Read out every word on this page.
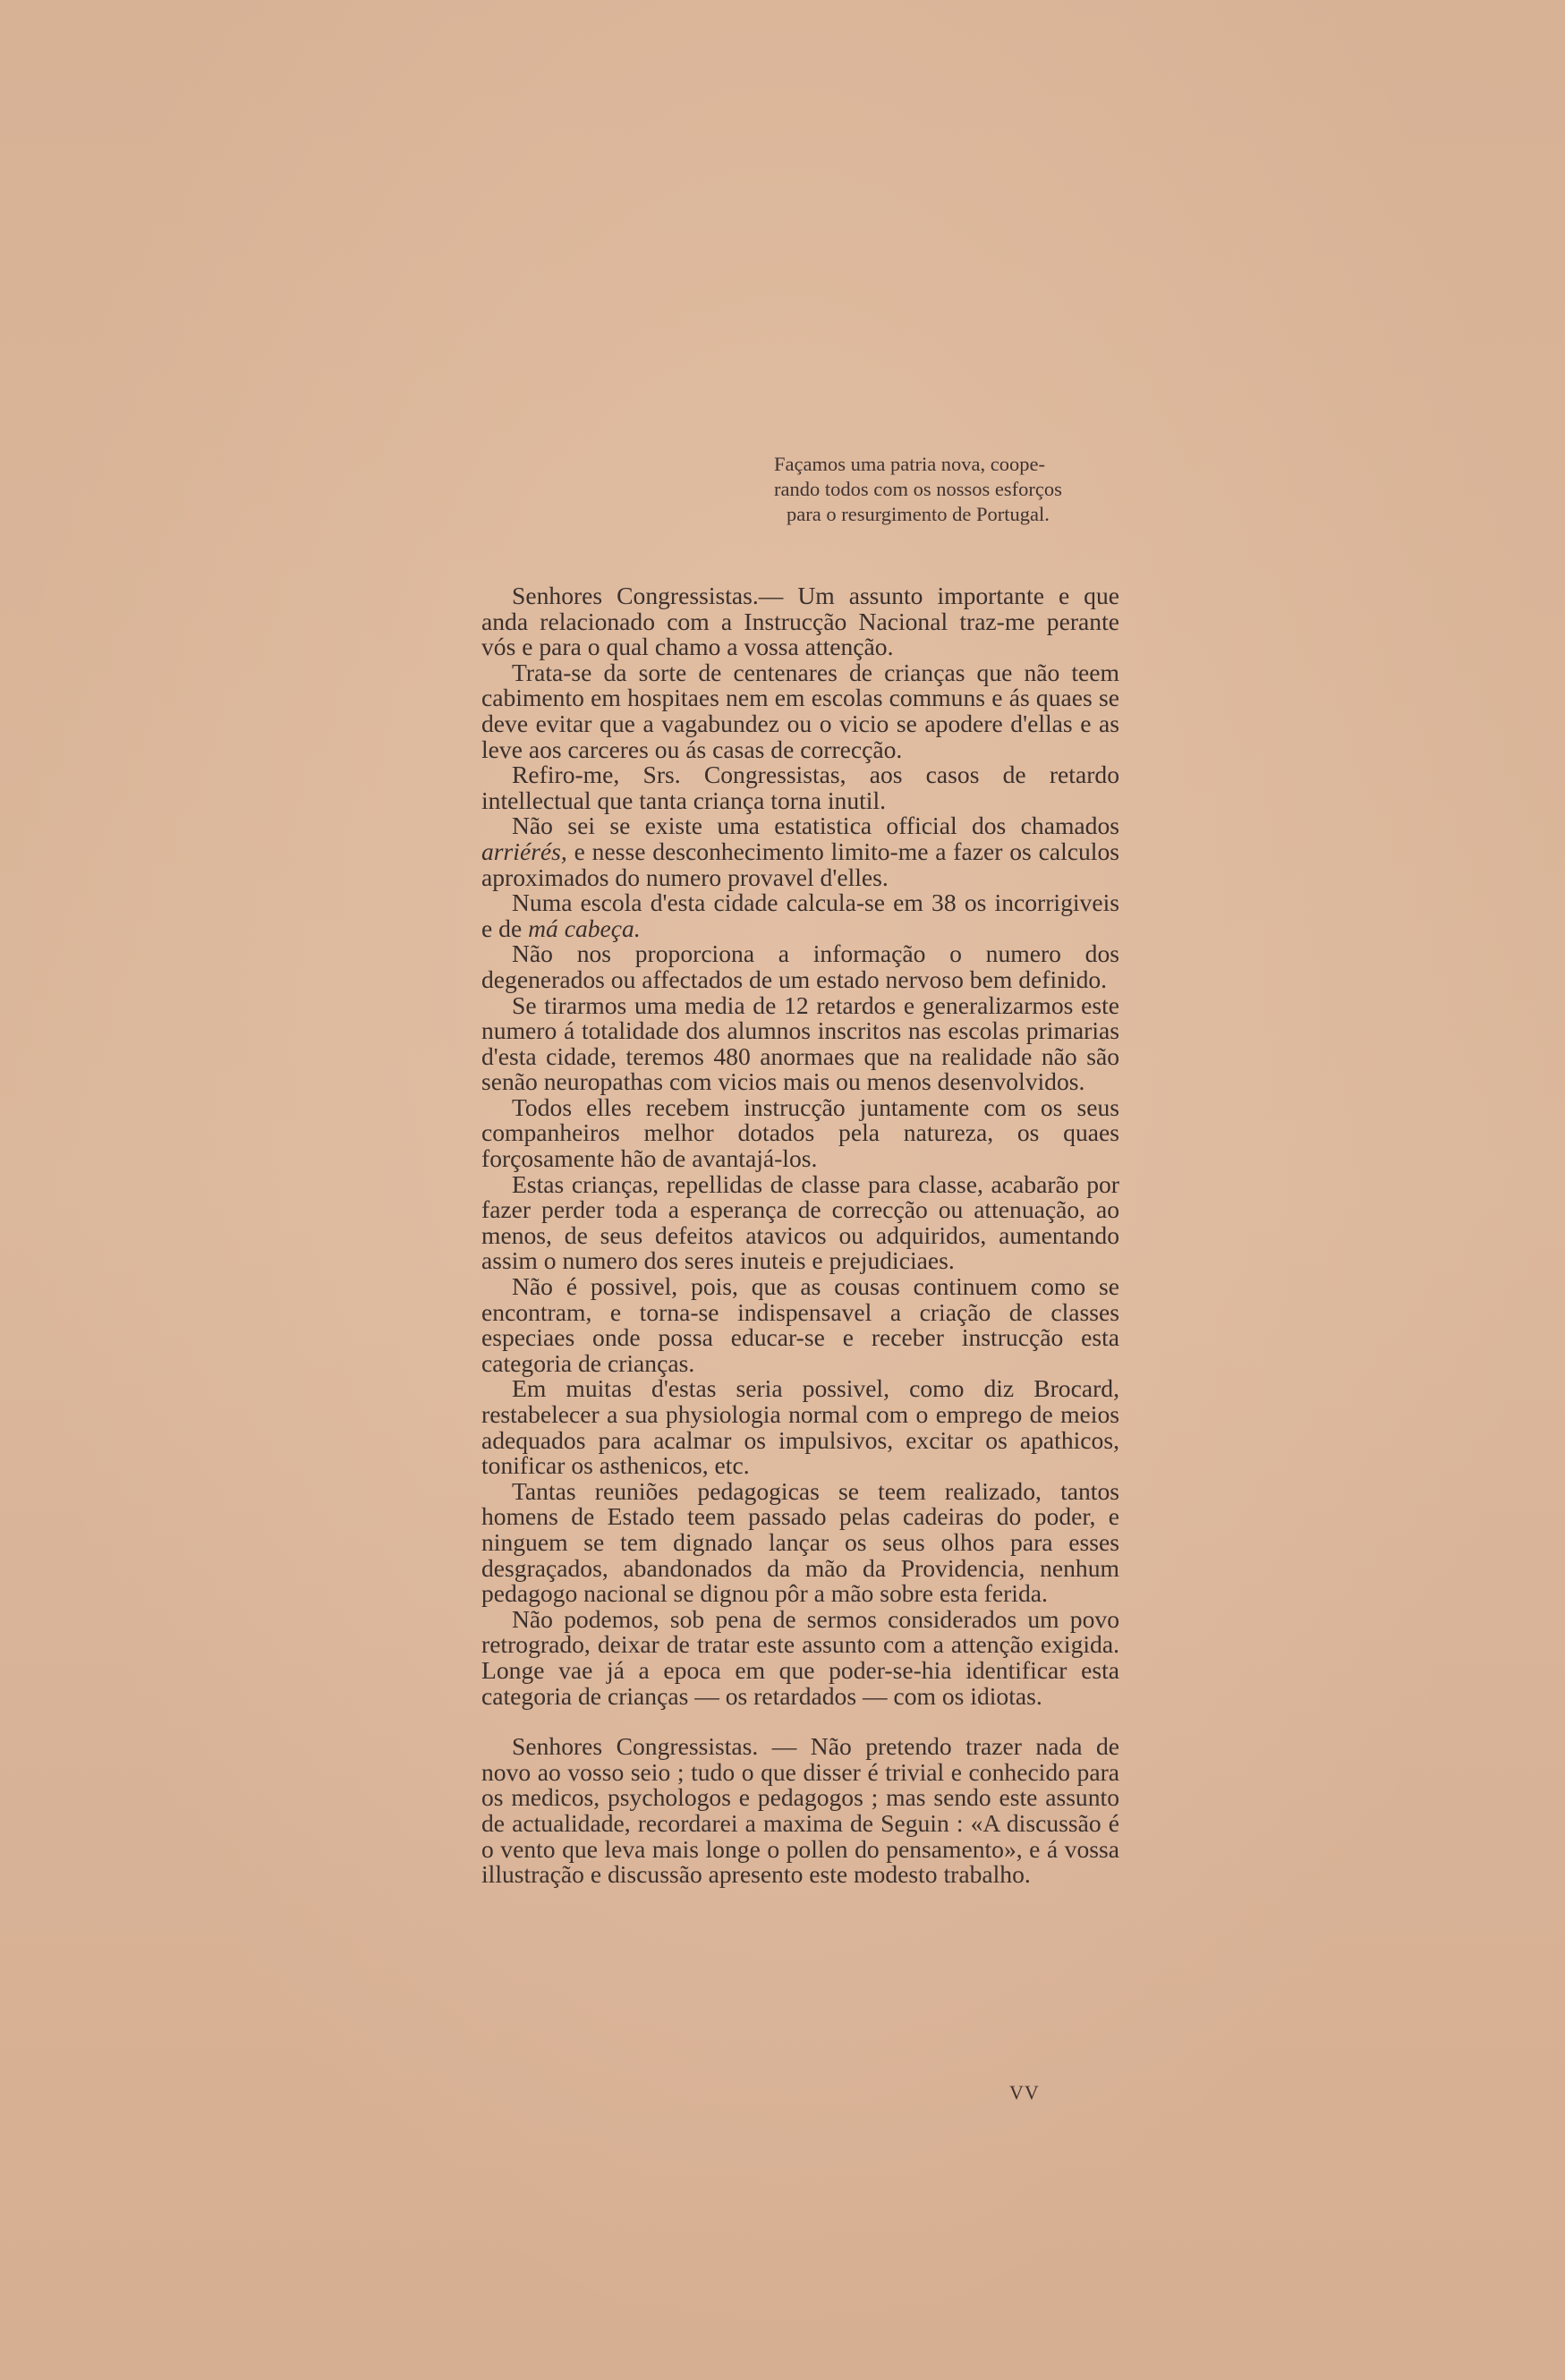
Façamos uma patria nova, coope-
rando todos com os nossos esforços
para o resurgimento de Portugal.

Senhores Congressistas.— Um assunto importante e que anda relacionado com a Instrucção Nacional traz-me perante vós e para o qual chamo a vossa attenção.

Trata-se da sorte de centenares de crianças que não teem cabimento em hospitaes nem em escolas communs e ás quaes se deve evitar que a vagabundez ou o vicio se apodere d'ellas e as leve aos carceres ou ás casas de correcção.

Refiro-me, Srs. Congressistas, aos casos de retardo intellectual que tanta criança torna inutil.

Não sei se existe uma estatistica official dos chamados arriérés, e nesse desconhecimento limito-me a fazer os calculos aproximados do numero provavel d'elles.

Numa escola d'esta cidade calcula-se em 38 os incorrigiveis e de má cabeça.

Não nos proporciona a informação o numero dos degenerados ou affectados de um estado nervoso bem definido.

Se tirarmos uma media de 12 retardos e generalizarmos este numero á totalidade dos alumnos inscritos nas escolas primarias d'esta cidade, teremos 480 anormaes que na realidade não são senão neuropathas com vicios mais ou menos desenvolvidos.

Todos elles recebem instrucção juntamente com os seus companheiros melhor dotados pela natureza, os quaes forçosamente hão de avantajá-los.

Estas crianças, repellidas de classe para classe, acabarão por fazer perder toda a esperança de correcção ou attenuação, ao menos, de seus defeitos atavicos ou adquiridos, aumentando assim o numero dos seres inuteis e prejudiciaes.

Não é possivel, pois, que as cousas continuem como se encontram, e torna-se indispensavel a criação de classes especiaes onde possa educar-se e receber instrucção esta categoria de crianças.

Em muitas d'estas seria possivel, como diz Brocard, restabelecer a sua physiologia normal com o emprego de meios adequados para acalmar os impulsivos, excitar os apathicos, tonificar os asthenicos, etc.

Tantas reuniões pedagogicas se teem realizado, tantos homens de Estado teem passado pelas cadeiras do poder, e ninguem se tem dignado lançar os seus olhos para esses desgraçados, abandonados da mão da Providencia, nenhum pedagogo nacional se dignou pôr a mão sobre esta ferida.

Não podemos, sob pena de sermos considerados um povo retrogrado, deixar de tratar este assunto com a attenção exigida. Longe vae já a epoca em que poder-se-hia identificar esta categoria de crianças — os retardados — com os idiotas.

Senhores Congressistas. — Não pretendo trazer nada de novo ao vosso seio ; tudo o que disser é trivial e conhecido para os medicos, psychologos e pedagogos ; mas sendo este assunto de actualidade, recordarei a maxima de Seguin : «A discussão é o vento que leva mais longe o pollen do pensamento», e á vossa illustração e discussão apresento este modesto trabalho.

VV
